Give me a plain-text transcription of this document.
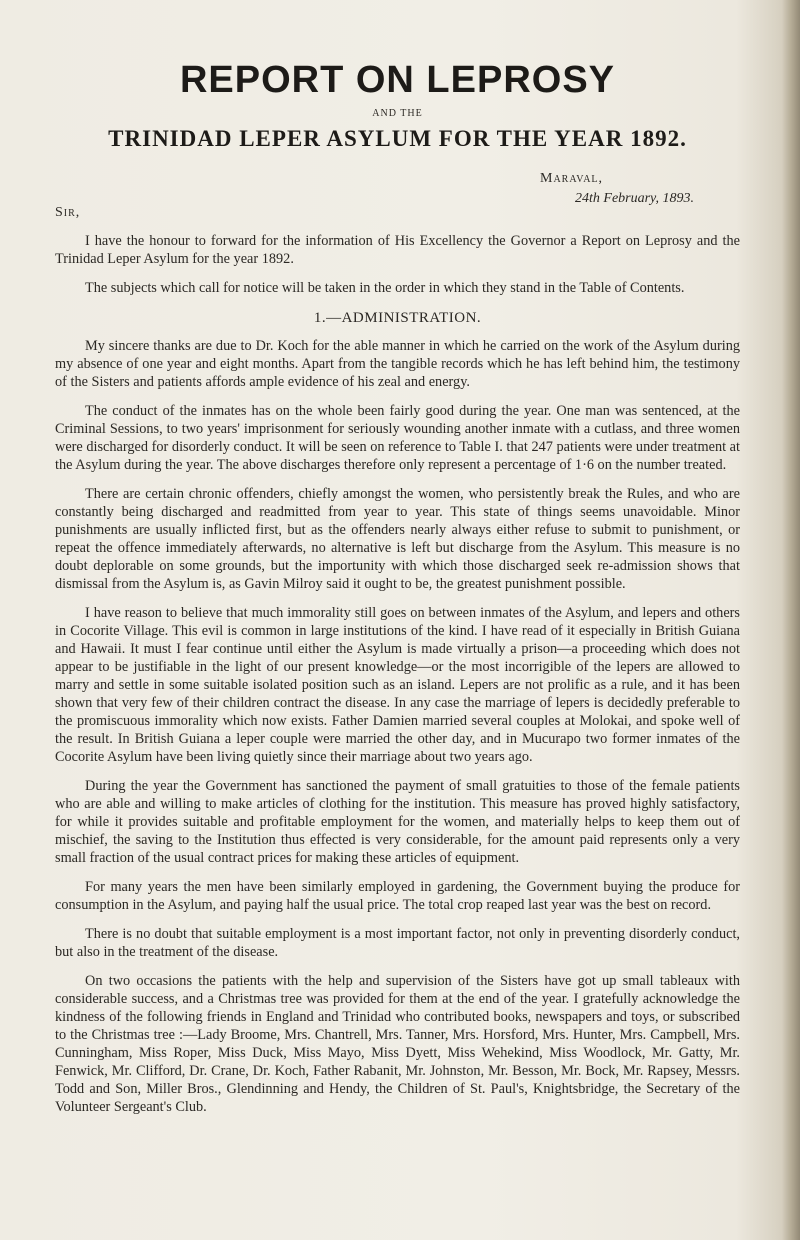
REPORT ON LEPROSY
AND THE
TRINIDAD LEPER ASYLUM FOR THE YEAR 1892.
Maraval,
24th February, 1893.
Sir,

I have the honour to forward for the information of His Excellency the Governor a Report on Leprosy and the Trinidad Leper Asylum for the year 1892.

The subjects which call for notice will be taken in the order in which they stand in the Table of Contents.

1.—ADMINISTRATION.

My sincere thanks are due to Dr. Koch for the able manner in which he carried on the work of the Asylum during my absence of one year and eight months. Apart from the tangible records which he has left behind him, the testimony of the Sisters and patients affords ample evidence of his zeal and energy.

The conduct of the inmates has on the whole been fairly good during the year. One man was sentenced, at the Criminal Sessions, to two years' imprisonment for seriously wounding another inmate with a cutlass, and three women were discharged for disorderly conduct. It will be seen on reference to Table I. that 247 patients were under treatment at the Asylum during the year. The above discharges therefore only represent a percentage of 1·6 on the number treated.

There are certain chronic offenders, chiefly amongst the women, who persistently break the Rules, and who are constantly being discharged and readmitted from year to year. This state of things seems unavoidable. Minor punishments are usually inflicted first, but as the offenders nearly always either refuse to submit to punishment, or repeat the offence immediately afterwards, no alternative is left but discharge from the Asylum. This measure is no doubt deplorable on some grounds, but the importunity with which those discharged seek re-admission shows that dismissal from the Asylum is, as Gavin Milroy said it ought to be, the greatest punishment possible.

I have reason to believe that much immorality still goes on between inmates of the Asylum, and lepers and others in Cocorite Village. This evil is common in large institutions of the kind. I have read of it especially in British Guiana and Hawaii. It must I fear continue until either the Asylum is made virtually a prison—a proceeding which does not appear to be justifiable in the light of our present knowledge—or the most incorrigible of the lepers are allowed to marry and settle in some suitable isolated position such as an island. Lepers are not prolific as a rule, and it has been shown that very few of their children contract the disease. In any case the marriage of lepers is decidedly preferable to the promiscuous immorality which now exists. Father Damien married several couples at Molokai, and spoke well of the result. In British Guiana a leper couple were married the other day, and in Mucurapo two former inmates of the Cocorite Asylum have been living quietly since their marriage about two years ago.

During the year the Government has sanctioned the payment of small gratuities to those of the female patients who are able and willing to make articles of clothing for the institution. This measure has proved highly satisfactory, for while it provides suitable and profitable employment for the women, and materially helps to keep them out of mischief, the saving to the Institution thus effected is very considerable, for the amount paid represents only a very small fraction of the usual contract prices for making these articles of equipment.

For many years the men have been similarly employed in gardening, the Government buying the produce for consumption in the Asylum, and paying half the usual price. The total crop reaped last year was the best on record.

There is no doubt that suitable employment is a most important factor, not only in preventing disorderly conduct, but also in the treatment of the disease.

On two occasions the patients with the help and supervision of the Sisters have got up small tableaux with considerable success, and a Christmas tree was provided for them at the end of the year. I gratefully acknowledge the kindness of the following friends in England and Trinidad who contributed books, newspapers and toys, or subscribed to the Christmas tree :—Lady Broome, Mrs. Chantrell, Mrs. Tanner, Mrs. Horsford, Mrs. Hunter, Mrs. Campbell, Mrs. Cunningham, Miss Roper, Miss Duck, Miss Mayo, Miss Dyett, Miss Wehekind, Miss Woodlock, Mr. Gatty, Mr. Fenwick, Mr. Clifford, Dr. Crane, Dr. Koch, Father Rabanit, Mr. Johnston, Mr. Besson, Mr. Bock, Mr. Rapsey, Messrs. Todd and Son, Miller Bros., Glendinning and Hendy, the Children of St. Paul's, Knightsbridge, the Secretary of the Volunteer Sergeant's Club.
